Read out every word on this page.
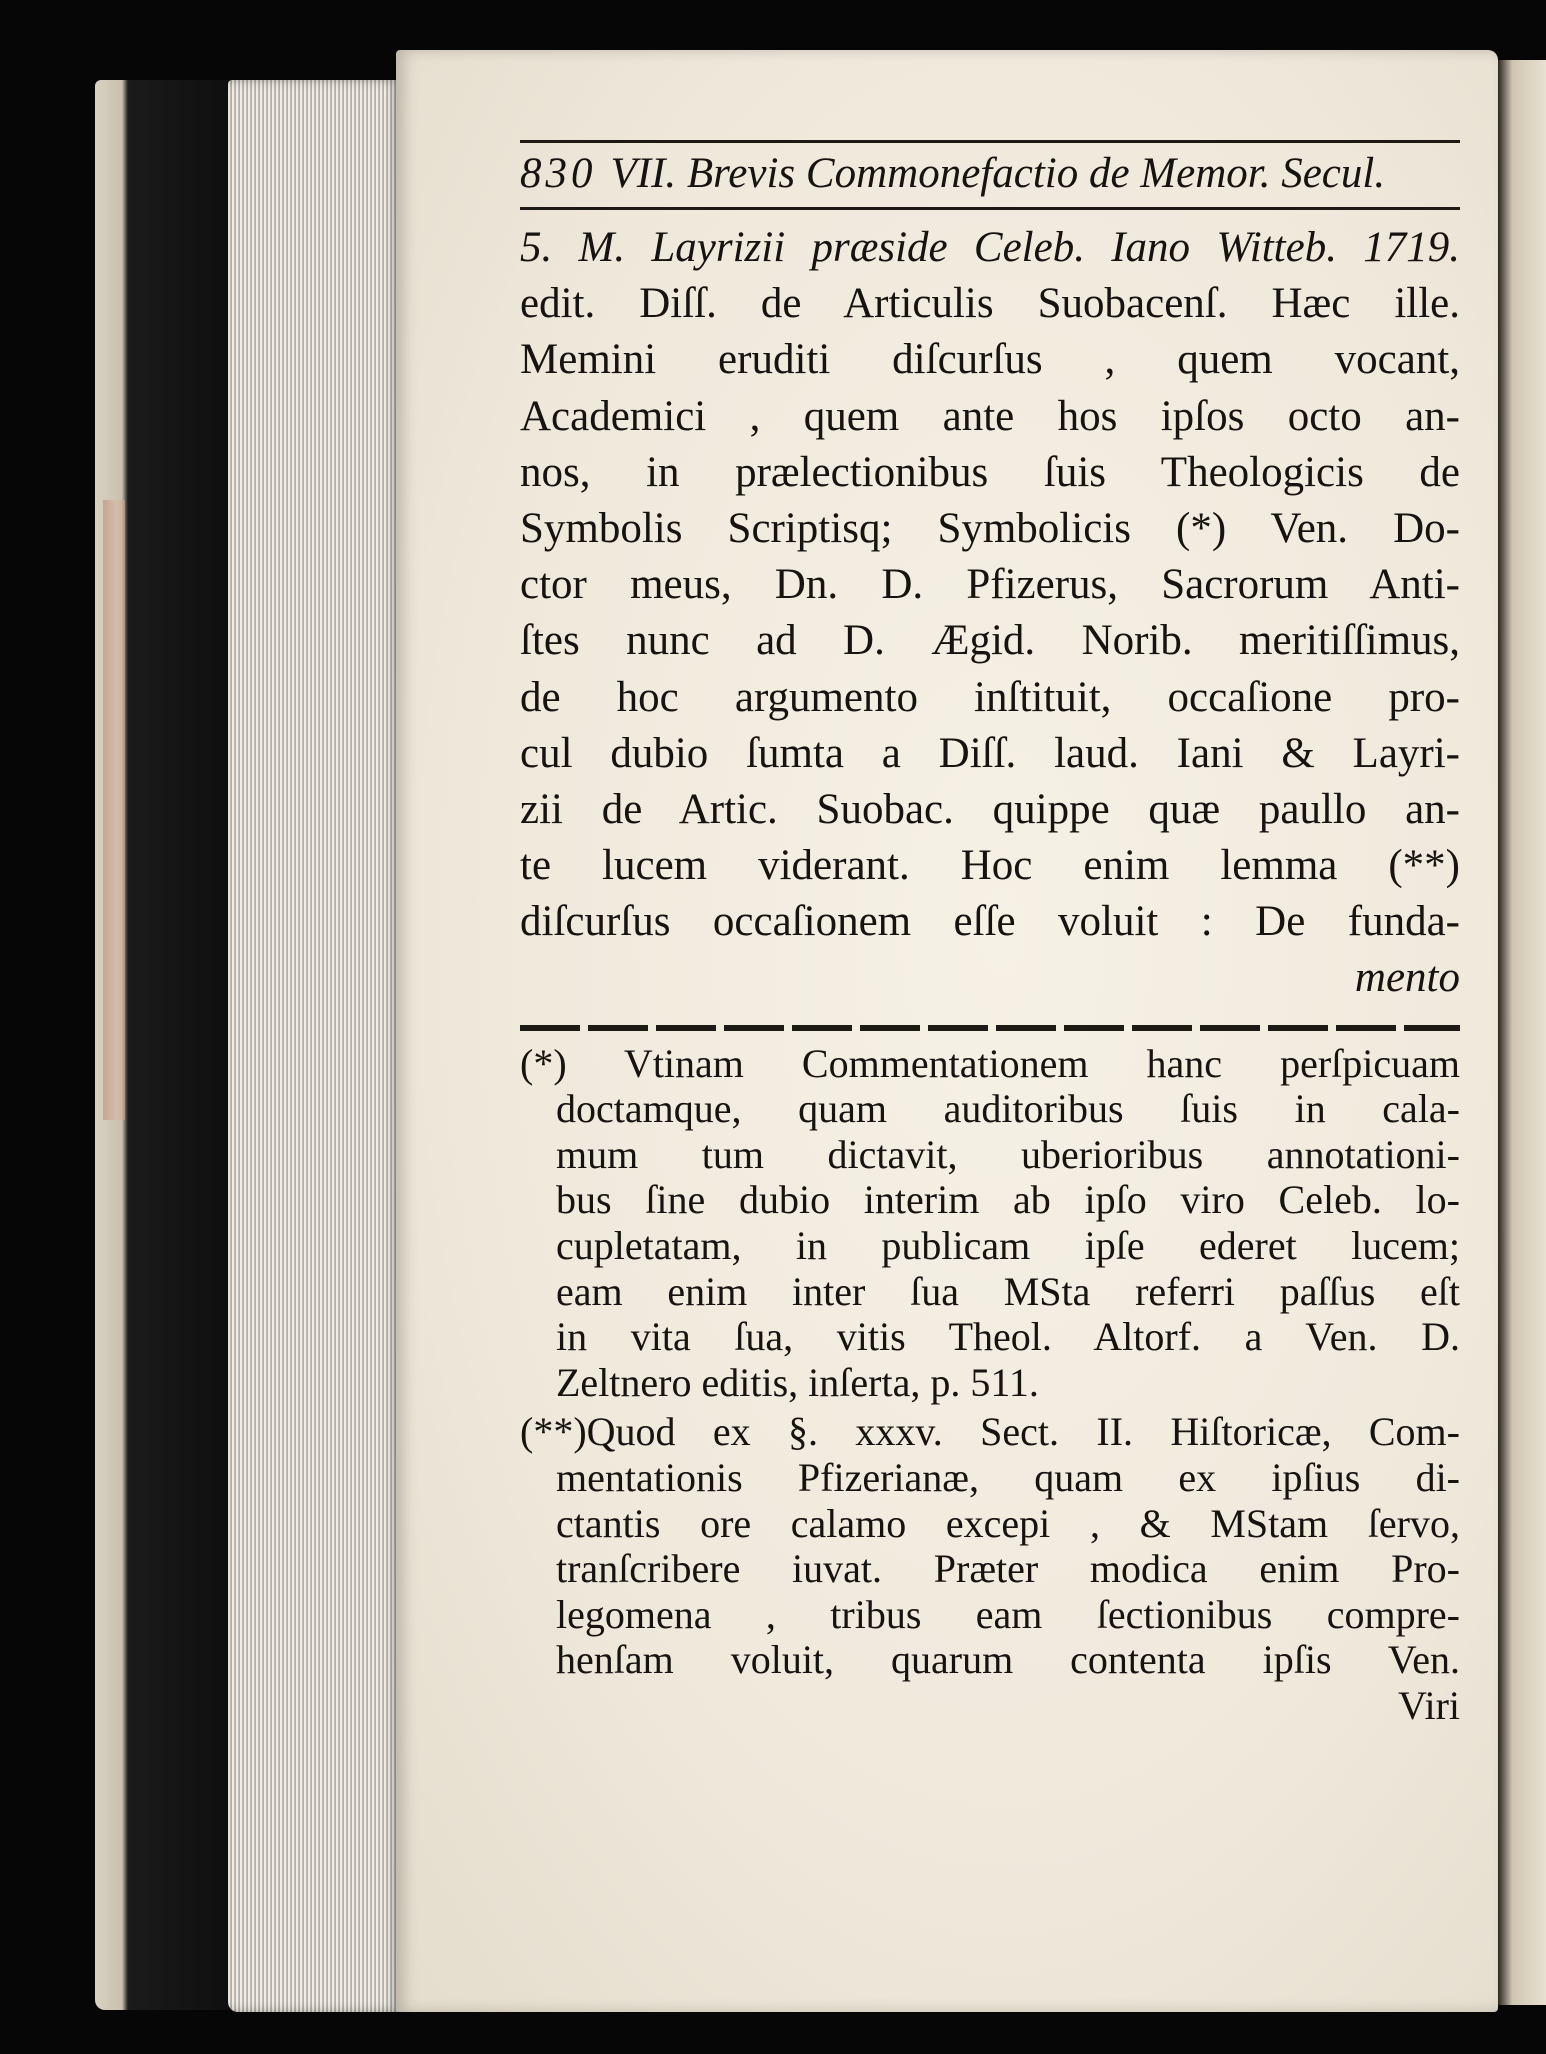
830 VII. Brevis Commonefactio de Memor. Secul.
5. M. Layrizii præside Celeb. Iano Witteb. 1719.
edit. Diſſ. de Articulis Suobacenſ. Hæc ille.
Memini eruditi diſcurſus , quem vocant,
Academici , quem ante hos ipſos octo an-
nos, in prælectionibus ſuis Theologicis de
Symbolis Scriptisq; Symbolicis (*) Ven. Do-
ctor meus, Dn. D. Pfizerus, Sacrorum Anti-
ſtes nunc ad D. Ægid. Norib. meritiſſimus,
de hoc argumento inſtituit, occaſione pro-
cul dubio ſumta a Diſſ. laud. Iani & Layri-
zii de Artic. Suobac. quippe quæ paullo an-
te lucem viderant. Hoc enim lemma (**)
diſcurſus occaſionem eſſe voluit : De funda-
mento
(*) Vtinam Commentationem hanc perſpicuam
doctamque, quam auditoribus ſuis in cala-
mum tum dictavit, uberioribus annotationi-
bus ſine dubio interim ab ipſo viro Celeb. lo-
cupletatam, in publicam ipſe ederet lucem;
eam enim inter ſua MSta referri paſſus eſt
in vita ſua, vitis Theol. Altorf. a Ven. D.
Zeltnero editis, inſerta, p. 511.
(**)Quod ex §. xxxv. Sect. II. Hiſtoricæ, Com-
mentationis Pfizerianæ, quam ex ipſius di-
ctantis ore calamo excepi , & MStam ſervo,
tranſcribere iuvat. Præter modica enim Pro-
legomena , tribus eam ſectionibus compre-
henſam voluit, quarum contenta ipſis Ven.
Viri
